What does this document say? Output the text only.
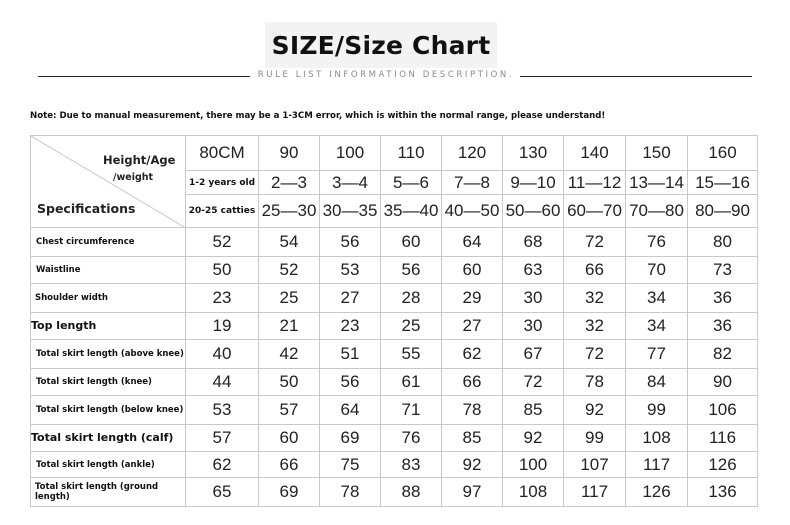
SIZE/Size Chart
RULE LIST INFORMATION DESCRIPTION.
Note: Due to manual measurement, there may be a 1-3CM error, which is within the normal range, please understand!
Height/Age
/weight
Specifications	80CM	90	100	110	120	130	140	150	160
	1-2 years old	2—3	3—4	5—6	7—8	9—10	11—12	13—14	15—16
	20-25 catties	25—30	30—35	35—40	40—50	50—60	60—70	70—80	80—90
Chest circumference	52	54	56	60	64	68	72	76	80
Waistline	50	52	53	56	60	63	66	70	73
Shoulder width	23	25	27	28	29	30	32	34	36
Top length	19	21	23	25	27	30	32	34	36
Total skirt length (above knee)	40	42	51	55	62	67	72	77	82
Total skirt length (knee)	44	50	56	61	66	72	78	84	90
Total skirt length (below knee)	53	57	64	71	78	85	92	99	106
Total skirt length (calf)	57	60	69	76	85	92	99	108	116
Total skirt length (ankle)	62	66	75	83	92	100	107	117	126
Total skirt length (ground length)	65	69	78	88	97	108	117	126	136
